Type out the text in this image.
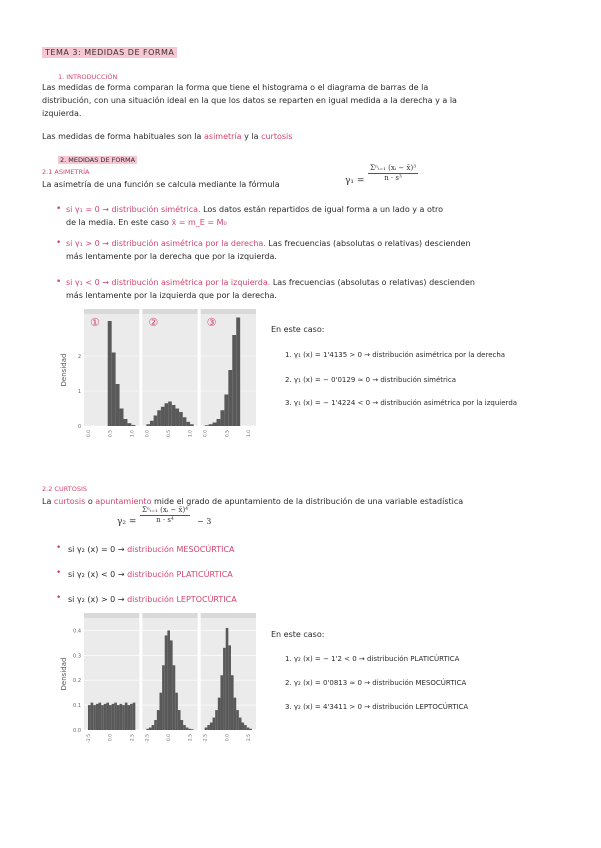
TEMA 3: MEDIDAS DE FORMA
1. INTRODUCCIÓN
Las medidas de forma comparan la forma que tiene el histograma o el diagrama de barras de la
distribución, con una situación ideal en la que los datos se reparten en igual medida a la derecha y a la
izquierda.
Las medidas de forma habituales son la asimetría y la curtosis
2. MEDIDAS DE FORMA
2.1 ASIMETRÍA
La asimetría de una función se calcula mediante la fórmula	γ₁ =
Σⁿᵢ₌₁ (xᵢ − x̄)³
n · s³
• si γ₁ = 0 → distribución simétrica. Los datos están repartidos de igual forma a un lado y a otro
de la media. En este caso x̄ = m_E = M₀
• si γ₁ > 0 → distribución asimétrica por la derecha. Las frecuencias (absolutas o relativas) descienden
más lentamente por la derecha que por la izquierda.
• si γ₁ < 0 → distribución asimétrica por la izquierda. Las frecuencias (absolutas o relativas) descienden
más lentamente por la izquierda que por la derecha.
Densidad
0
1
2
①
0.0	0.5	1.0
②
0.0	0.5	1.0
③
0.0	0.5	1.0
En este caso:
1. γ₁ (x) = 1'4135 > 0 → distribución asimétrica por la derecha
2. γ₁ (x) = − 0'0129 ≈ 0 → distribución simétrica
3. γ₁ (x) = − 1'4224 < 0 → distribución asimétrica por la izquierda
2.2 CURTOSIS
La curtosis o apuntamiento mide el grado de apuntamiento de la distribución de una variable estadística
γ₂ =
Σⁿᵢ₌₁ (xᵢ − x̄)⁴
n · s⁴	− 3
• si γ₂ (x) = 0 → distribución MESOCÚRTICA
• si γ₂ (x) < 0 → distribución PLATICÚRTICA
• si γ₂ (x) > 0 → distribución LEPTOCÚRTICA
Densidad
0.0
0.1
0.2
0.3
0.4
-2.5	0.0	2.5 -2.5	0.0	2.5 -2.5	0.0	2.5
En este caso:
1. γ₂ (x) = − 1'2 < 0 → distribución PLATICÚRTICA
2. γ₂ (x) = 0'0813 ≈ 0 → distribución MESOCÚRTICA
3. γ₂ (x) = 4'3411 > 0 → distribución LEPTOCÚRTICA
